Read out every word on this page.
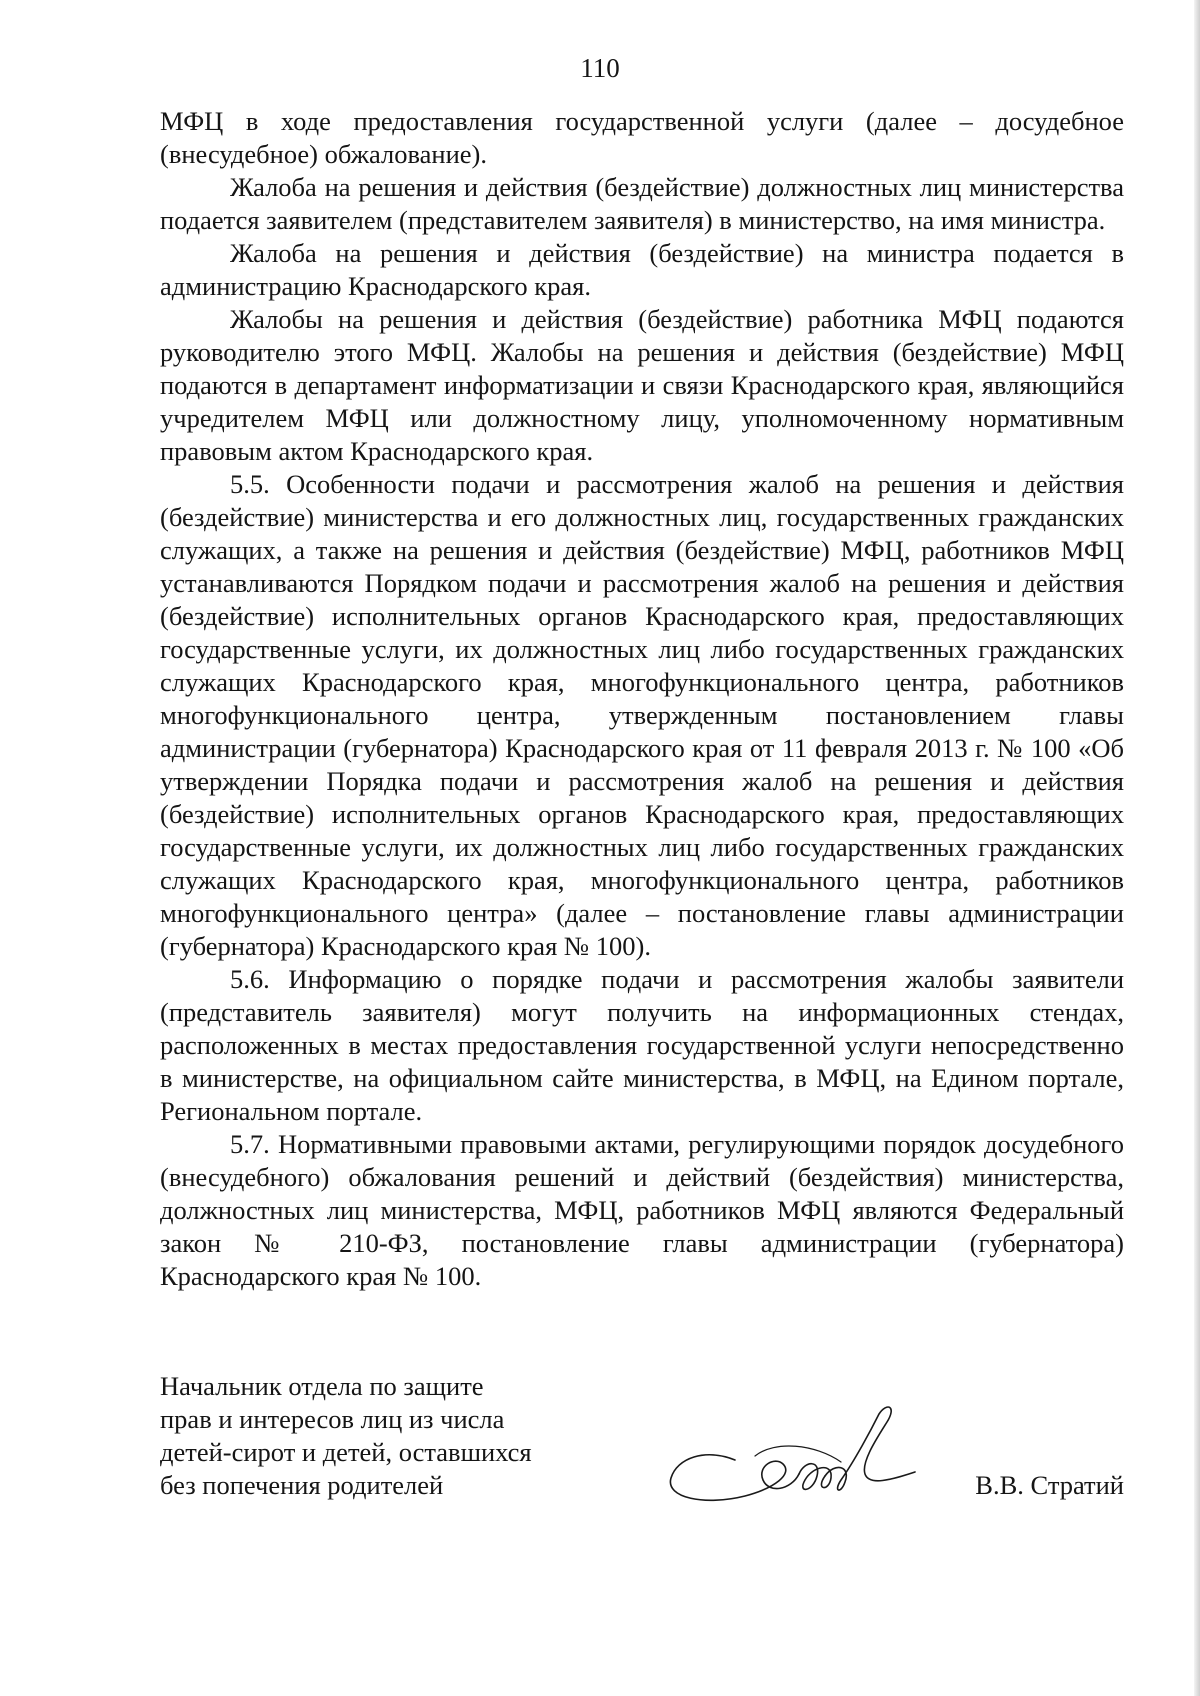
110

МФЦ в ходе предоставления государственной услуги (далее – досудебное (внесудебное) обжалование).

Жалоба на решения и действия (бездействие) должностных лиц министерства подается заявителем (представителем заявителя) в министерство, на имя министра.

Жалоба на решения и действия (бездействие) на министра подается в администрацию Краснодарского края.

Жалобы на решения и действия (бездействие) работника МФЦ подаются руководителю этого МФЦ. Жалобы на решения и действия (бездействие) МФЦ подаются в департамент информатизации и связи Краснодарского края, являющийся учредителем МФЦ или должностному лицу, уполномоченному нормативным правовым актом Краснодарского края.

5.5. Особенности подачи и рассмотрения жалоб на решения и действия (бездействие) министерства и его должностных лиц, государственных гражданских служащих, а также на решения и действия (бездействие) МФЦ, работников МФЦ устанавливаются Порядком подачи и рассмотрения жалоб на решения и действия (бездействие) исполнительных органов Краснодарского края, предоставляющих государственные услуги, их должностных лиц либо государственных гражданских служащих Краснодарского края, многофункционального центра, работников многофункционального центра, утвержденным постановлением главы администрации (губернатора) Краснодарского края от 11 февраля 2013 г. № 100 «Об утверждении Порядка подачи и рассмотрения жалоб на решения и действия (бездействие) исполнительных органов Краснодарского края, предоставляющих государственные услуги, их должностных лиц либо государственных гражданских служащих Краснодарского края, многофункционального центра, работников многофункционального центра» (далее – постановление главы администрации (губернатора) Краснодарского края № 100).

5.6. Информацию о порядке подачи и рассмотрения жалобы заявители (представитель заявителя) могут получить на информационных стендах, расположенных в местах предоставления государственной услуги непосредственно в министерстве, на официальном сайте министерства, в МФЦ, на Едином портале, Региональном портале.

5.7. Нормативными правовыми актами, регулирующими порядок досудебного (внесудебного) обжалования решений и действий (бездействия) министерства, должностных лиц министерства, МФЦ, работников МФЦ являются Федеральный закон № 210-ФЗ, постановление главы администрации (губернатора) Краснодарского края № 100.

Начальник отдела по защите
прав и интересов лиц из числа
детей-сирот и детей, оставшихся
без попечения родителей	В.В. Стратий
